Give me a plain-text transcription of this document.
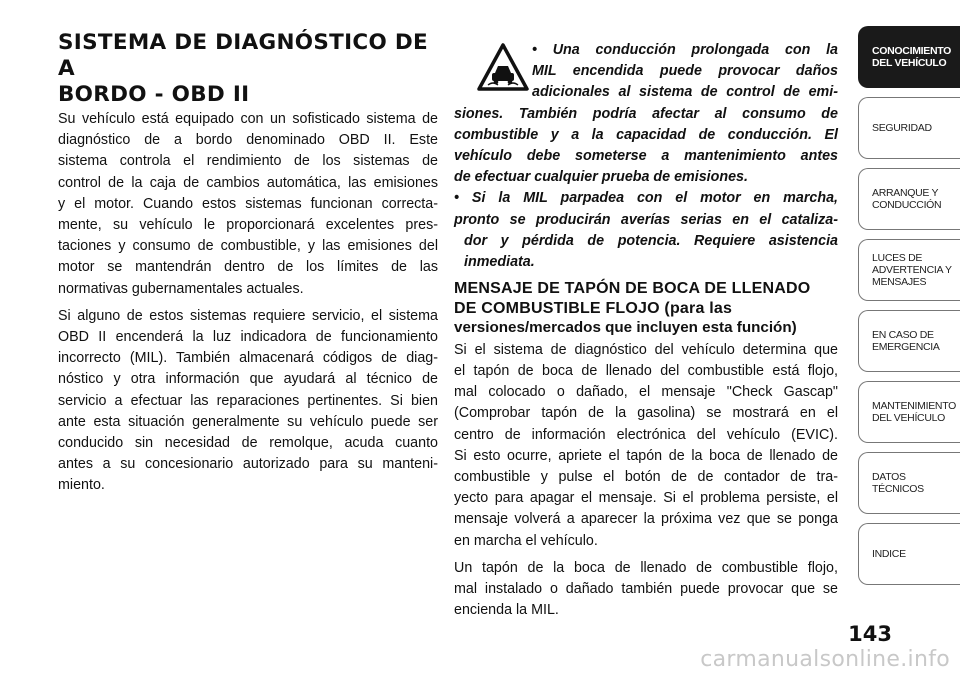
SISTEMA DE DIAGNÓSTICO DE A
BORDO - OBD II
Su vehículo está equipado con un sofisticado sistema de
diagnóstico de a bordo denominado OBD II. Este
sistema controla el rendimiento de los sistemas de
control de la caja de cambios automática, las emisiones
y el motor. Cuando estos sistemas funcionan correcta-
mente, su vehículo le proporcionará excelentes pres-
taciones y consumo de combustible, y las emisiones del
motor se mantendrán dentro de los límites de las
normativas gubernamentales actuales.
Si alguno de estos sistemas requiere servicio, el sistema
OBD II encenderá la luz indicadora de funcionamiento
incorrecto (MIL). También almacenará códigos de diag-
nóstico y otra información que ayudará al técnico de
servicio a efectuar las reparaciones pertinentes. Si bien
ante esta situación generalmente su vehículo puede ser
conducido sin necesidad de remolque, acuda cuanto
antes a su concesionario autorizado para su manteni-
miento.
• Una conducción prolongada con la
MIL encendida puede provocar daños
adicionales al sistema de control de emi-
siones. También podría afectar al consumo de
combustible y a la capacidad de conducción. El
vehículo debe someterse a mantenimiento antes
de efectuar cualquier prueba de emisiones.
• Si la MIL parpadea con el motor en marcha,
pronto se producirán averías serias en el cataliza-
dor y pérdida de potencia. Requiere asistencia
inmediata.
MENSAJE DE TAPÓN DE BOCA DE LLENADO
DE COMBUSTIBLE FLOJO (para las
versiones/mercados que incluyen esta función)
Si el sistema de diagnóstico del vehículo determina que
el tapón de boca de llenado del combustible está flojo,
mal colocado o dañado, el mensaje "Check Gascap"
(Comprobar tapón de la gasolina) se mostrará en el
centro de información electrónica del vehículo (EVIC).
Si esto ocurre, apriete el tapón de la boca de llenado de
combustible y pulse el botón de de contador de tra-
yecto para apagar el mensaje. Si el problema persiste, el
mensaje volverá a aparecer la próxima vez que se ponga
en marcha el vehículo.
Un tapón de la boca de llenado de combustible flojo,
mal instalado o dañado también puede provocar que se
encienda la MIL.
CONOCIMIENTO
DEL VEHÍCULO
SEGURIDAD
ARRANQUE Y
CONDUCCIÓN
LUCES DE
ADVERTENCIA Y
MENSAJES
EN CASO DE
EMERGENCIA
MANTENIMIENTO
DEL VEHÍCULO
DATOS
TÉCNICOS
INDICE
143
carmanualsonline.info
